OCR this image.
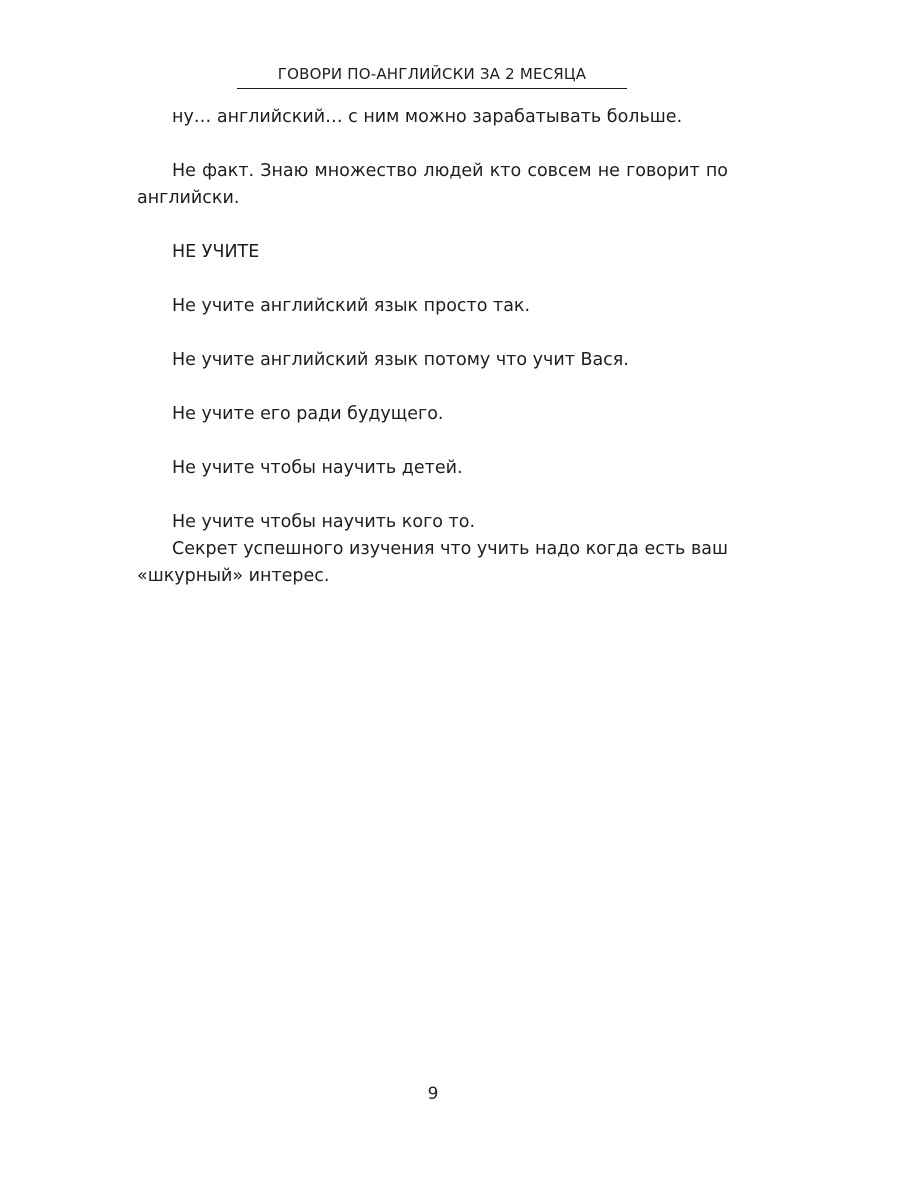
ГОВОРИ ПО-АНГЛИЙСКИ ЗА 2 МЕСЯЦА

ну… английский… с ним можно зарабатывать больше.

Не факт. Знаю множество людей кто совсем не говорит по английски.

НЕ УЧИТЕ

Не учите английский язык просто так.

Не учите английский язык потому что учит Вася.

Не учите его ради будущего.

Не учите чтобы научить детей.

Не учите чтобы научить кого то.

Секрет успешного изучения что учить надо когда есть ваш «шкурный» интерес.

9
